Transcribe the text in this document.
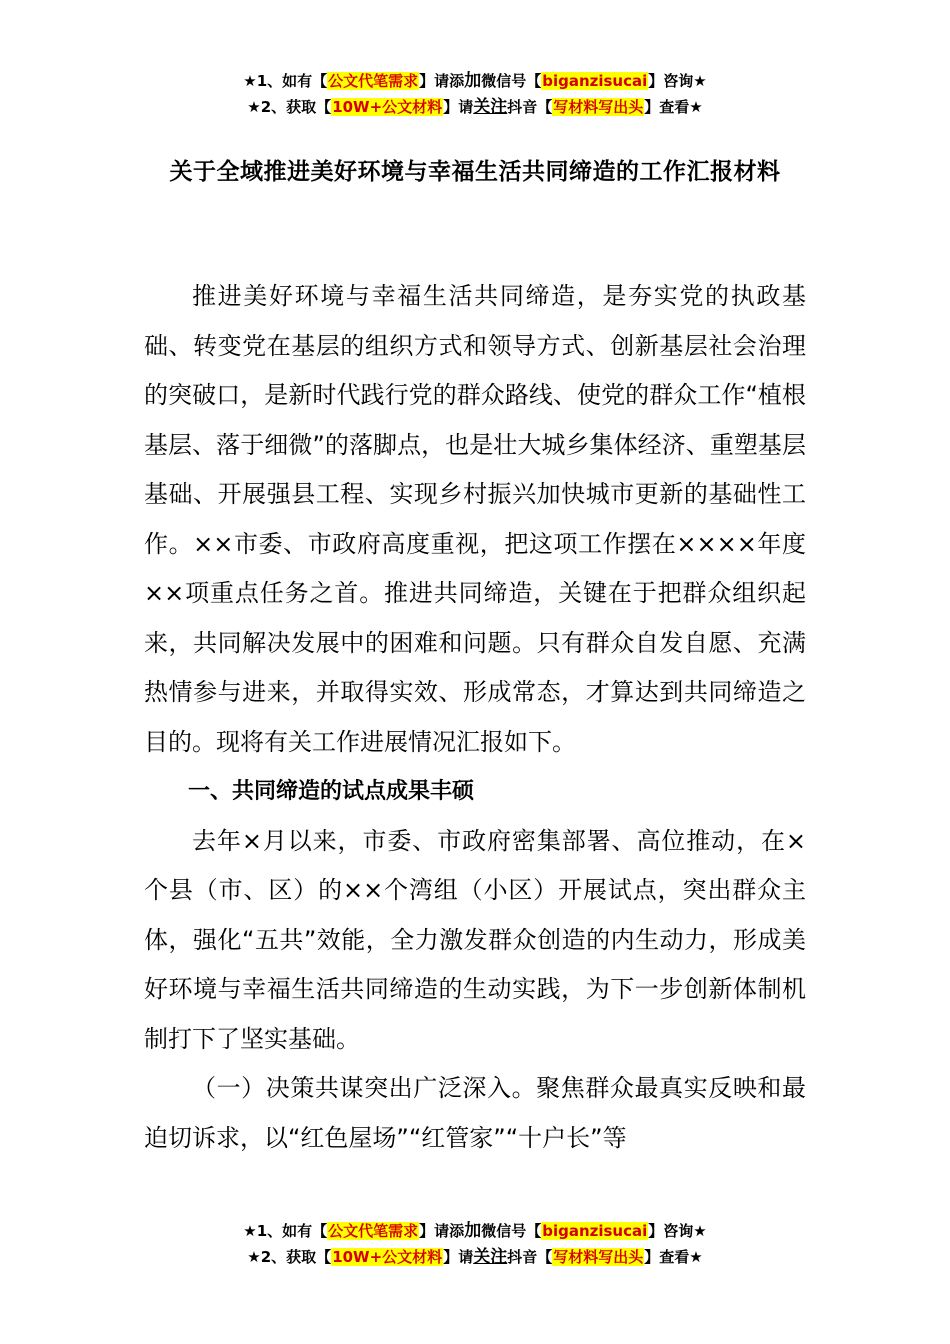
★1、如有【公文代笔需求】请添加微信号【biganzisucai】咨询★
★2、获取【10W+公文材料】请关注抖音【写材料写出头】查看★
关于全域推进美好环境与幸福生活共同缔造的工作汇报材料

推进美好环境与幸福生活共同缔造，是夯实党的执政基础、转变党在基层的组织方式和领导方式、创新基层社会治理的突破口，是新时代践行党的群众路线、使党的群众工作“植根基层、落于细微”的落脚点，也是壮大城乡集体经济、重塑基层基础、开展强县工程、实现乡村振兴加快城市更新的基础性工作。××市委、市政府高度重视，把这项工作摆在××××年度××项重点任务之首。推进共同缔造，关键在于把群众组织起来，共同解决发展中的困难和问题。只有群众自发自愿、充满热情参与进来，并取得实效、形成常态，才算达到共同缔造之目的。现将有关工作进展情况汇报如下。

一、共同缔造的试点成果丰硕

去年×月以来，市委、市政府密集部署、高位推动，在×个县（市、区）的××个湾组（小区）开展试点，突出群众主体，强化“五共”效能，全力激发群众创造的内生动力，形成美好环境与幸福生活共同缔造的生动实践，为下一步创新体制机制打下了坚实基础。

（一）决策共谋突出广泛深入。聚焦群众最真实反映和最迫切诉求，以“红色屋场”“红管家”“十户长”等

★1、如有【公文代笔需求】请添加微信号【biganzisucai】咨询★
★2、获取【10W+公文材料】请关注抖音【写材料写出头】查看★
